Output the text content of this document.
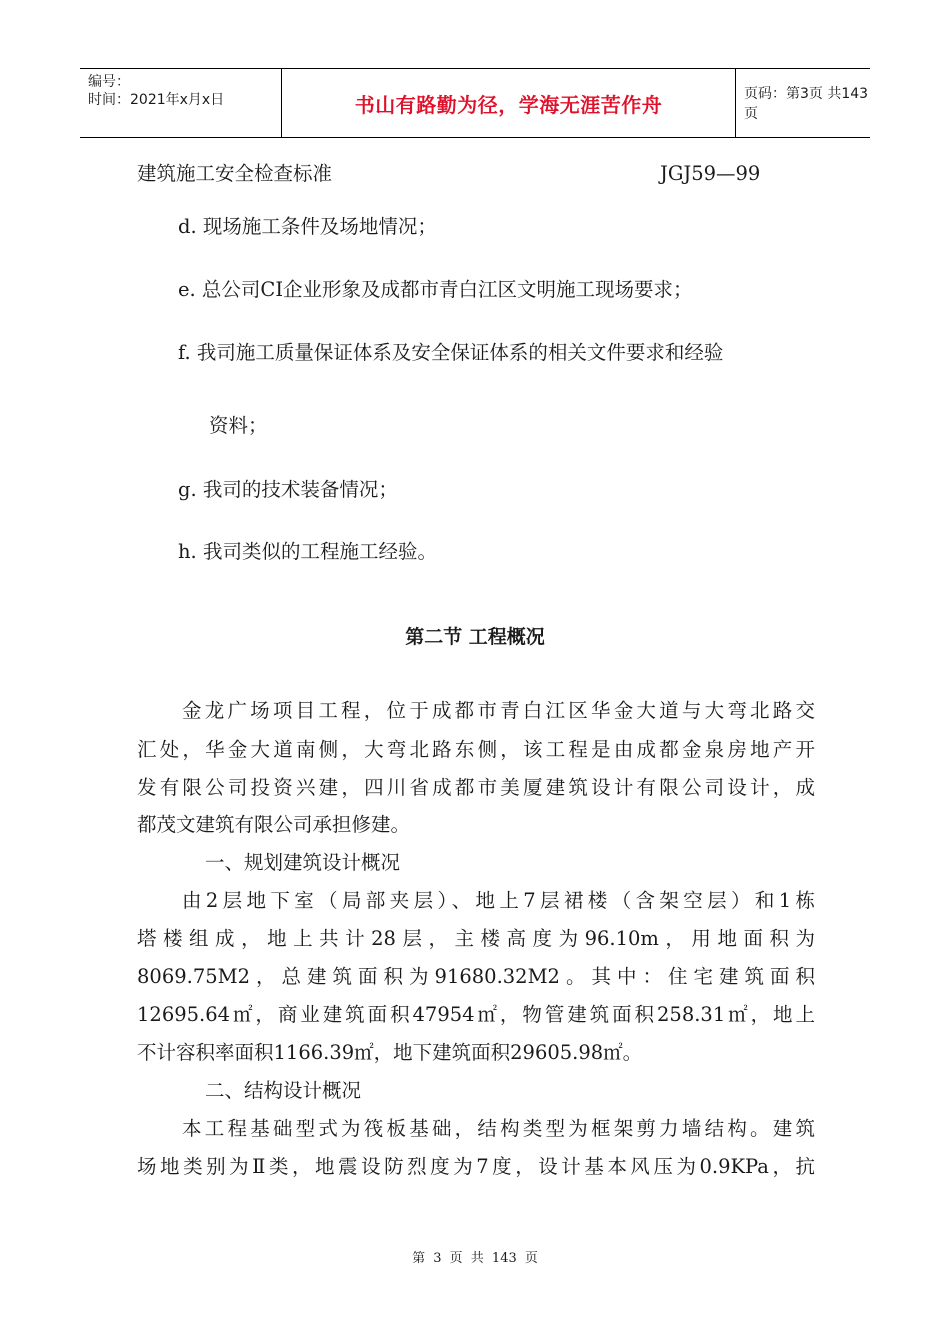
编号：
时间：2021年x月x日	书山有路勤为径，学海无涯苦作舟	页码：第3页 共143页
建筑施工安全检查标准	JGJ59—99
d. 现场施工条件及场地情况；
e. 总公司CI企业形象及成都市青白江区文明施工现场要求；
f. 我司施工质量保证体系及安全保证体系的相关文件要求和经验
资料；
g. 我司的技术装备情况；
h. 我司类似的工程施工经验。
第二节 工程概况
金龙广场项目工程，位于成都市青白江区华金大道与大弯北路交
汇处，华金大道南侧，大弯北路东侧，该工程是由成都金泉房地产开
发有限公司投资兴建，四川省成都市美厦建筑设计有限公司设计，成
都茂文建筑有限公司承担修建。
一、规划建筑设计概况
由2层地下室（局部夹层）、地上7层裙楼（含架空层）和1栋
塔楼组成，地上共计28层，主楼高度为96.10m，用地面积为
8069.75M2，总建筑面积为91680.32M2。其中：住宅建筑面积
12695.64㎡，商业建筑面积47954㎡，物管建筑面积258.31㎡，地上
不计容积率面积1166.39㎡，地下建筑面积29605.98㎡。
二、结构设计概况
本工程基础型式为筏板基础，结构类型为框架剪力墙结构。建筑
场地类别为Ⅱ类，地震设防烈度为7度，设计基本风压为0.9KPa，抗
第 3 页 共 143 页
